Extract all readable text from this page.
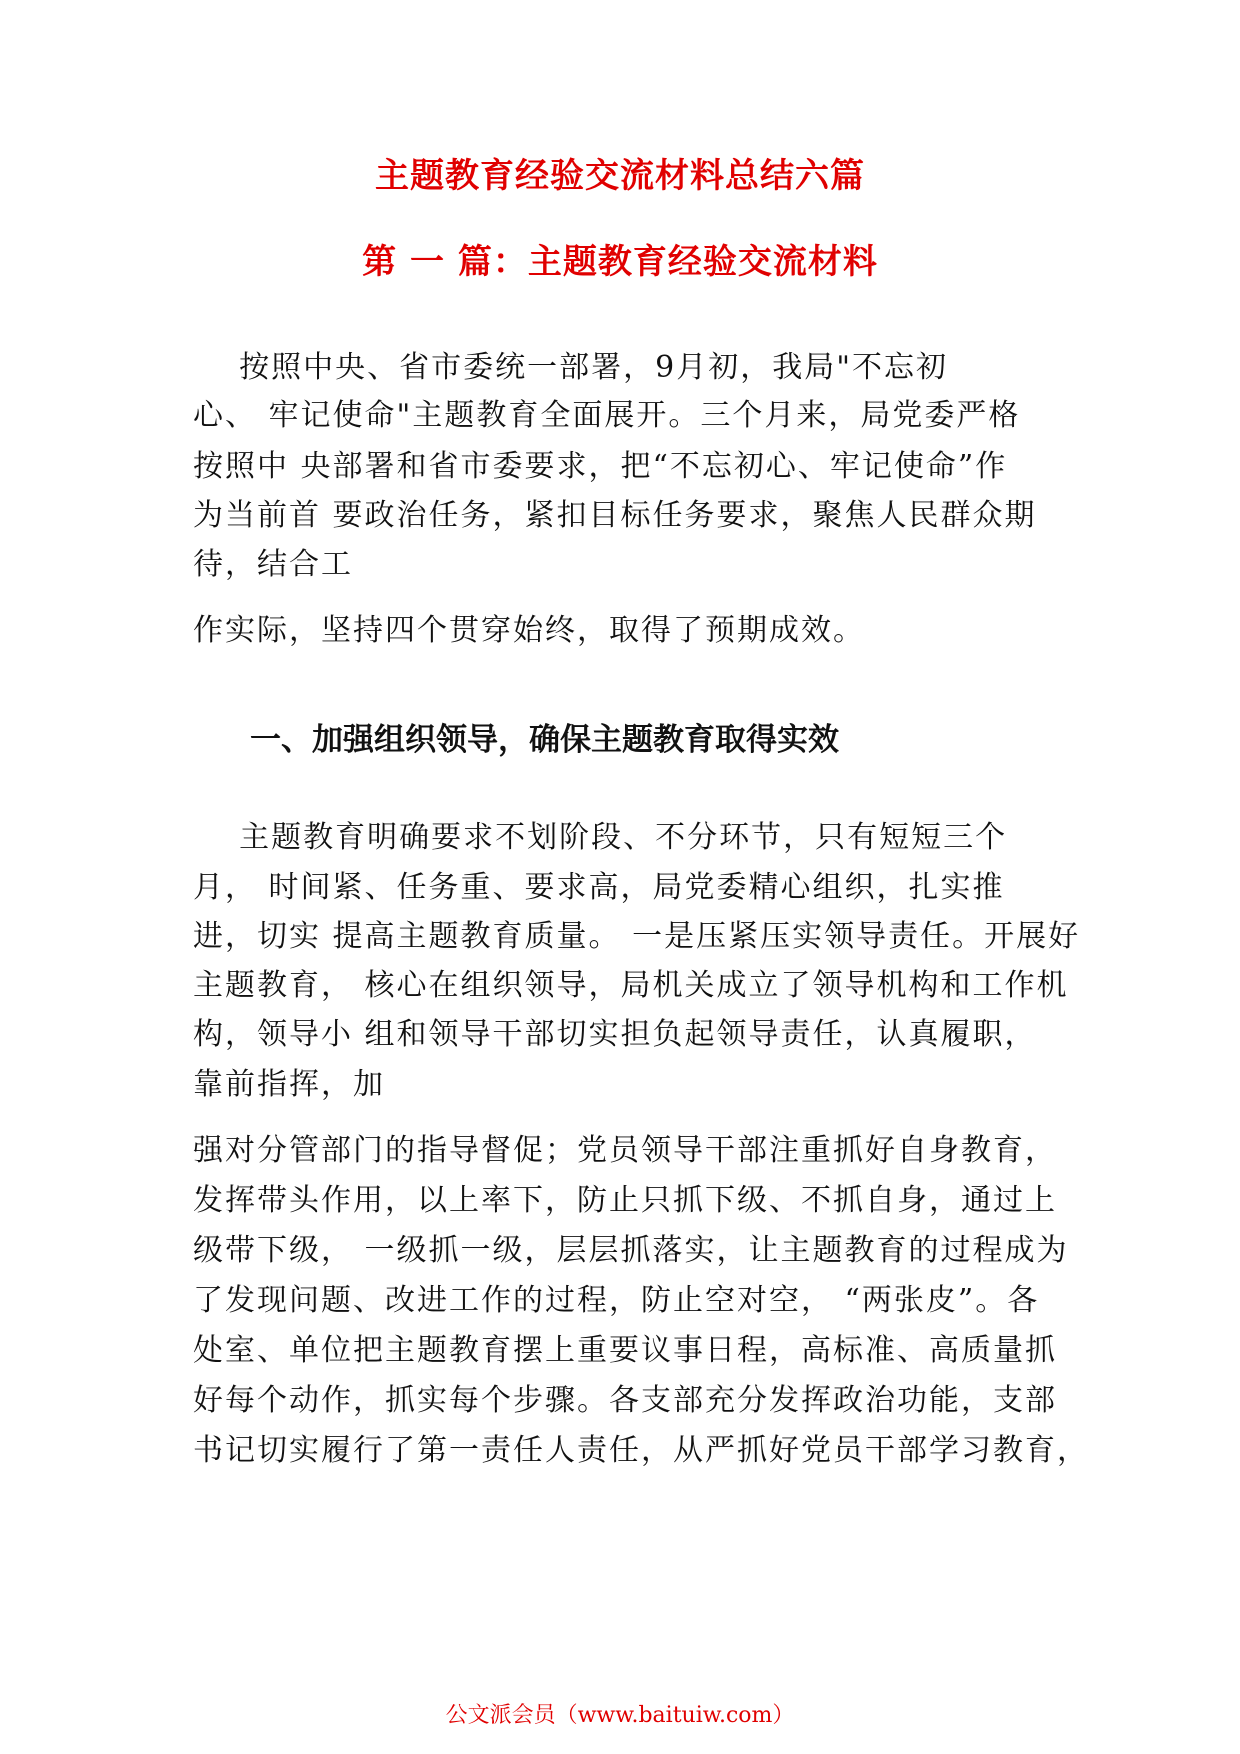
主题教育经验交流材料总结六篇
第 一 篇：主题教育经验交流材料
按照中央、省市委统一部署，9月初，我局"不忘初
心、 牢记使命"主题教育全面展开。三个月来，局党委严格
按照中 央部署和省市委要求，把“不忘初心、牢记使命”作
为当前首 要政治任务，紧扣目标任务要求，聚焦人民群众期
待，结合工
作实际，坚持四个贯穿始终，取得了预期成效。
一、加强组织领导，确保主题教育取得实效
主题教育明确要求不划阶段、不分环节，只有短短三个
月， 时间紧、任务重、要求高，局党委精心组织，扎实推
进，切实 提高主题教育质量。 一是压紧压实领导责任。开展好
主题教育， 核心在组织领导，局机关成立了领导机构和工作机
构，领导小 组和领导干部切实担负起领导责任，认真履职，
靠前指挥，加
强对分管部门的指导督促；党员领导干部注重抓好自身教育，
发挥带头作用，以上率下，防止只抓下级、不抓自身，通过上
级带下级， 一级抓一级，层层抓落实，让主题教育的过程成为
了发现问题、改进工作的过程，防止空对空， “两张皮”。各
处室、单位把主题教育摆上重要议事日程，高标准、高质量抓
好每个动作，抓实每个步骤。各支部充分发挥政治功能，支部
书记切实履行了第一责任人责任，从严抓好党员干部学习教育，
公文派会员（www.baituiw.com）
